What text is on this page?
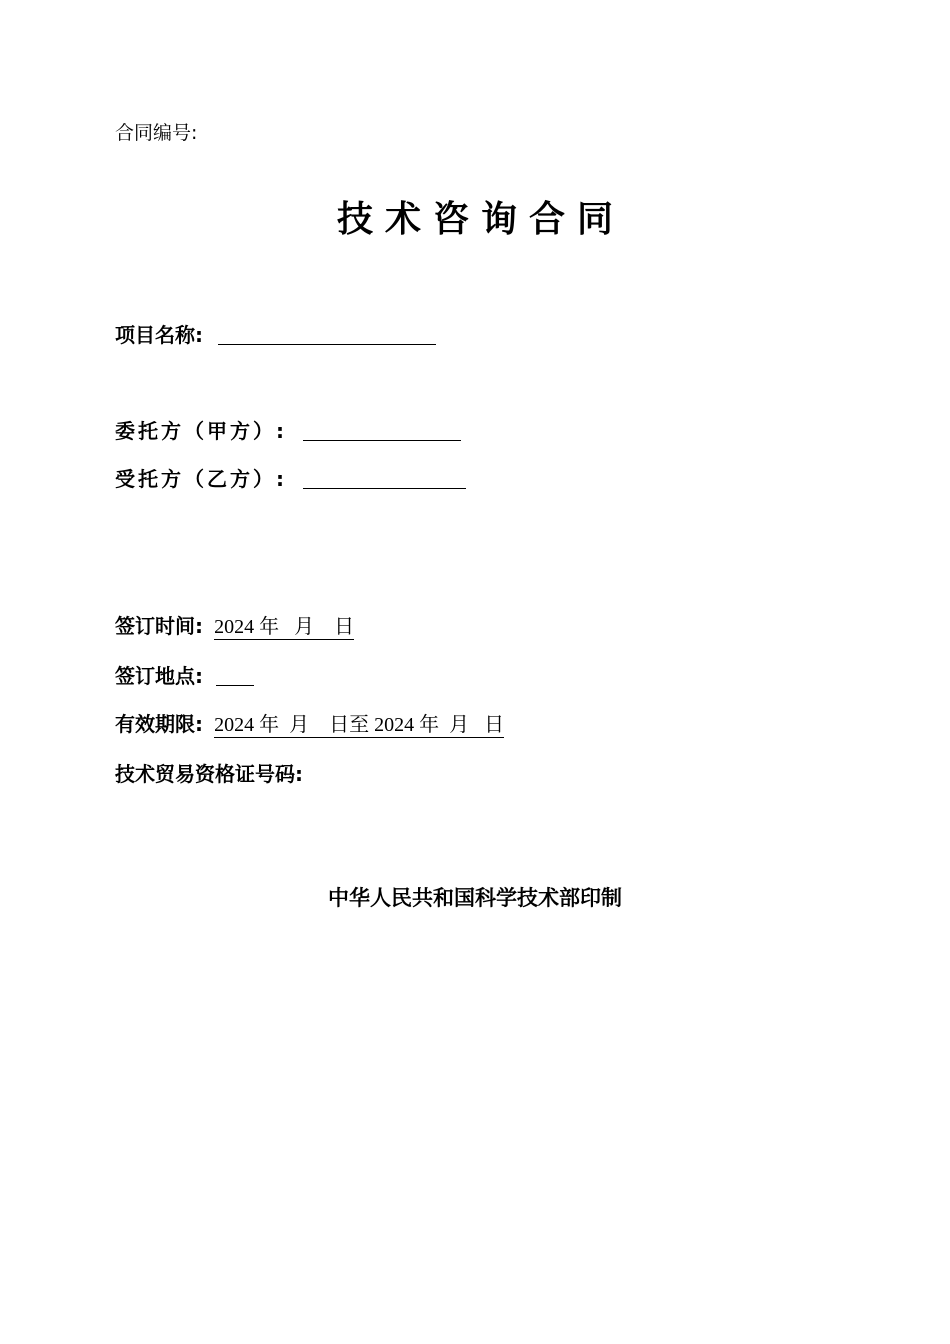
合同编号:
技术咨询合同
项目名称:
委托方（甲方）:
受托方（乙方）:
签订时间: 2024 年   月    日
签订地点:
有效期限: 2024 年  月    日至 2024 年  月   日
技术贸易资格证号码:
中华人民共和国科学技术部印制
